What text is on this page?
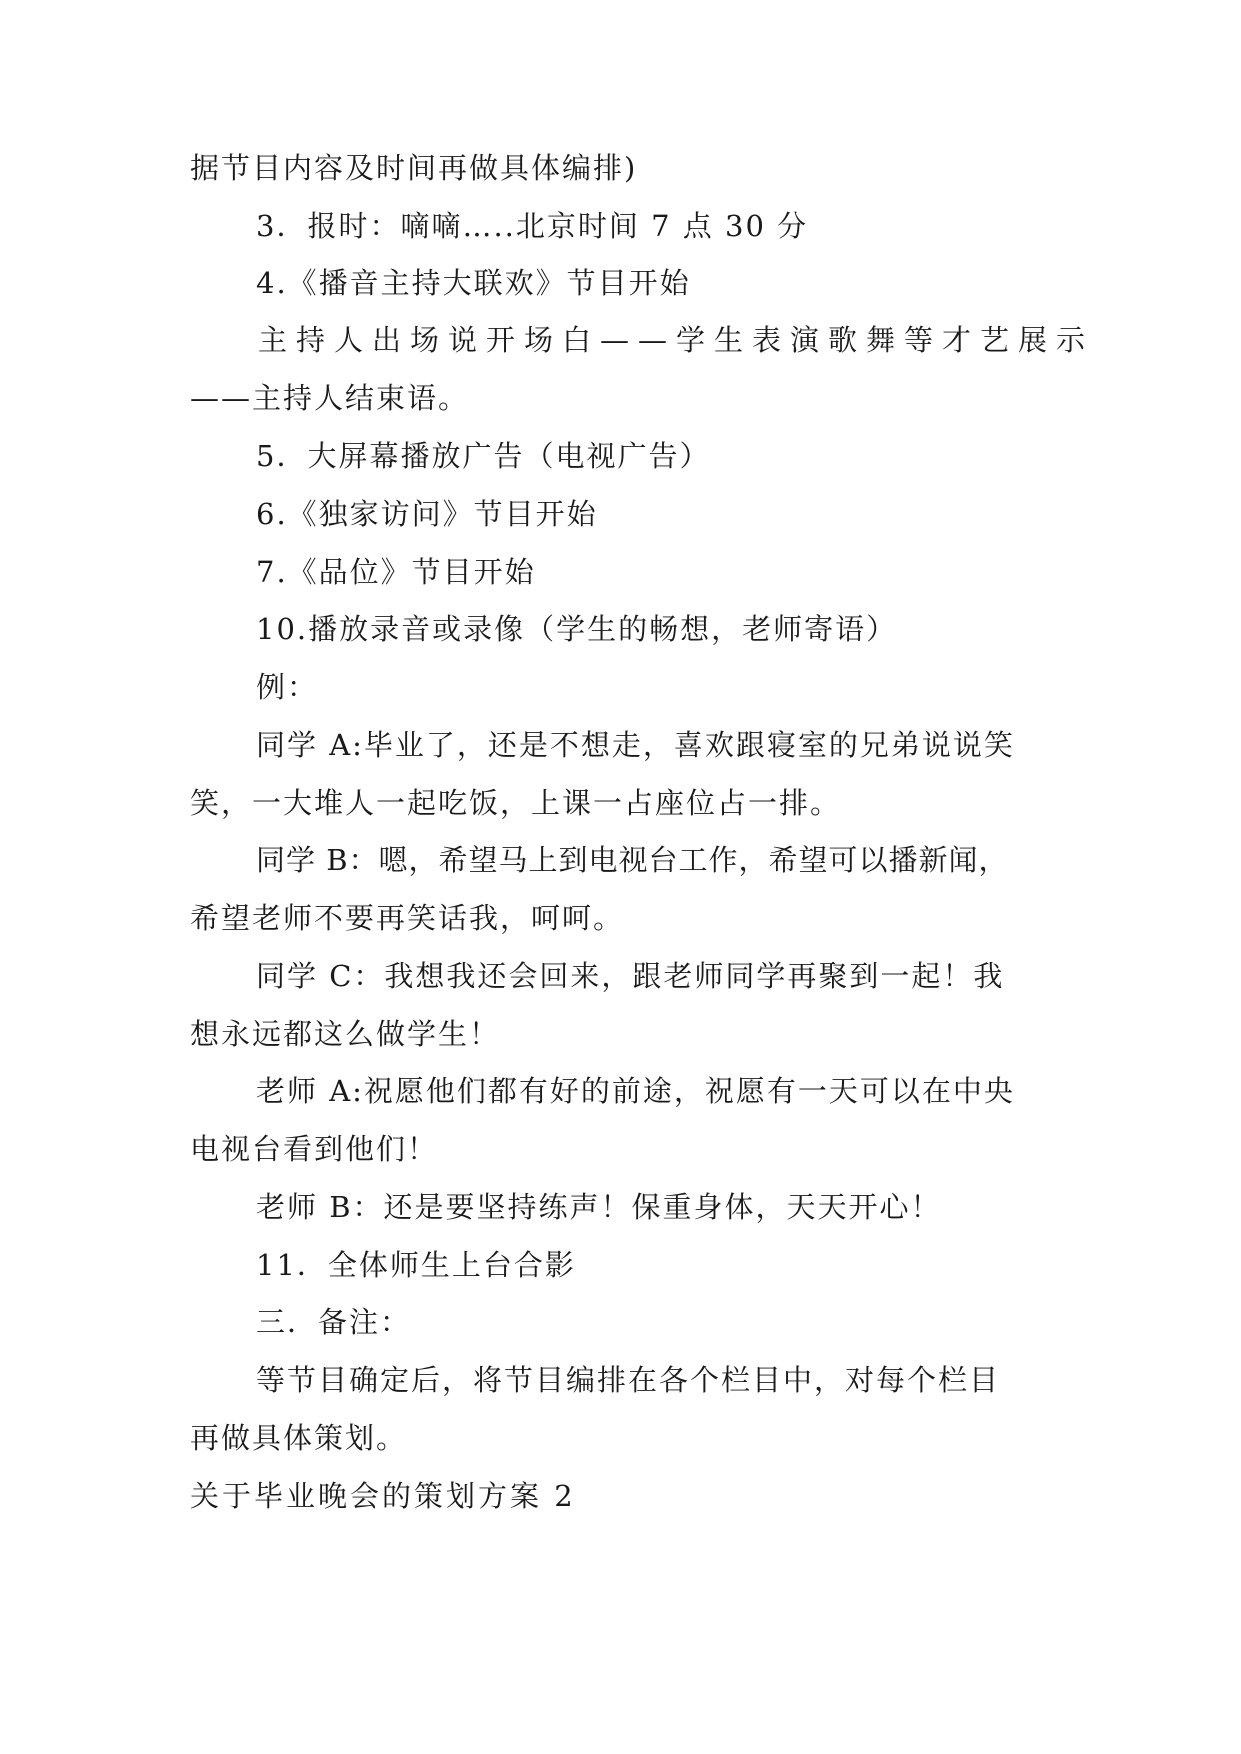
据节目内容及时间再做具体编排)
3．报时：嘀嘀…..北京时间 7 点 30 分
4.《播音主持大联欢》节目开始
主持人出场说开场白——学生表演歌舞等才艺展示
——主持人结束语。
5．大屏幕播放广告（电视广告）
6.《独家访问》节目开始
7.《品位》节目开始
10.播放录音或录像（学生的畅想，老师寄语）
例：
同学 A:毕业了，还是不想走，喜欢跟寝室的兄弟说说笑
笑，一大堆人一起吃饭，上课一占座位占一排。
同学 B：嗯，希望马上到电视台工作，希望可以播新闻，
希望老师不要再笑话我，呵呵。
同学 C：我想我还会回来，跟老师同学再聚到一起！我
想永远都这么做学生！
老师 A:祝愿他们都有好的前途，祝愿有一天可以在中央
电视台看到他们！
老师 B：还是要坚持练声！保重身体，天天开心！
11．全体师生上台合影
三．备注：
等节目确定后，将节目编排在各个栏目中，对每个栏目
再做具体策划。
关于毕业晚会的策划方案 2
